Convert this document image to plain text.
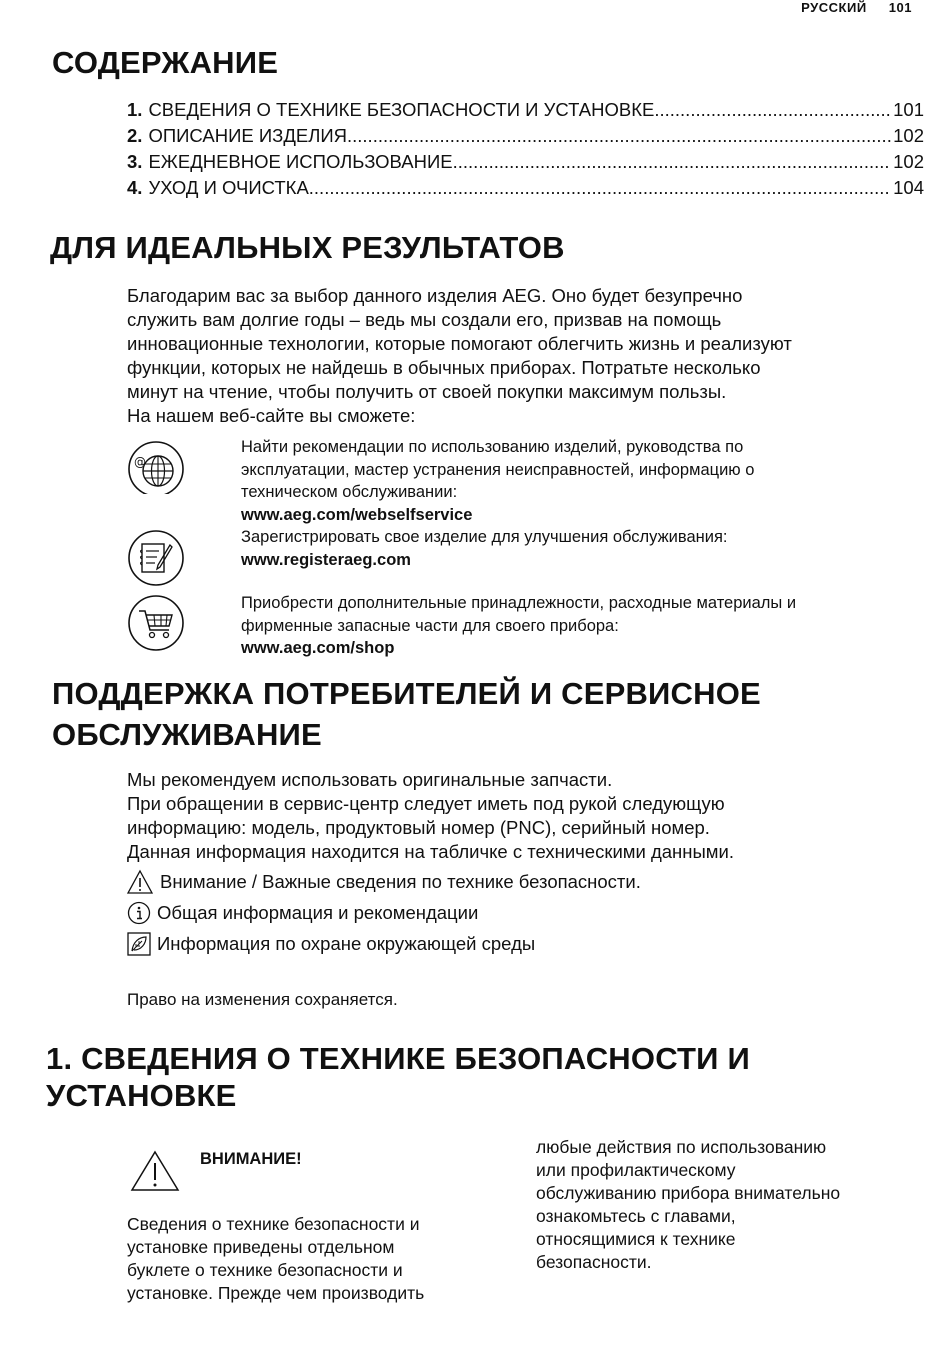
РУССКИЙ 101
СОДЕРЖАНИЕ
1. СВЕДЕНИЯ О ТЕХНИКЕ БЕЗОПАСНОСТИ И УСТАНОВКЕ .....	101
2. ОПИСАНИЕ ИЗДЕЛИЯ .....	102
3. ЕЖЕДНЕВНОЕ ИСПОЛЬЗОВАНИЕ .....	102
4. УХОД И ОЧИСТКА .....	104
ДЛЯ ИДЕАЛЬНЫХ РЕЗУЛЬТАТОВ
Благодарим вас за выбор данного изделия AEG. Оно будет безупречно
служить вам долгие годы – ведь мы создали его, призвав на помощь
инновационные технологии, которые помогают облегчить жизнь и реализуют
функции, которых не найдешь в обычных приборах. Потратьте несколько
минут на чтение, чтобы получить от своей покупки максимум пользы.
На нашем веб-сайте вы сможете:
@
Найти рекомендации по использованию изделий, руководства по
эксплуатации, мастер устранения неисправностей, информацию о
техническом обслуживании:
www.aeg.com/webselfservice
Зарегистрировать свое изделие для улучшения обслуживания:
www.registeraeg.com
Приобрести дополнительные принадлежности, расходные материалы и
фирменные запасные части для своего прибора:
www.aeg.com/shop
ПОДДЕРЖКА ПОТРЕБИТЕЛЕЙ И СЕРВИСНОЕ
ОБСЛУЖИВАНИЕ
Мы рекомендуем использовать оригинальные запчасти.
При обращении в сервис-центр следует иметь под рукой следующую
информацию: модель, продуктовый номер (PNC), серийный номер.
Данная информация находится на табличке с техническими данными.
Внимание / Важные сведения по технике безопасности.
Общая информация и рекомендации
Информация по охране окружающей среды
Право на изменения сохраняется.
1. СВЕДЕНИЯ О ТЕХНИКЕ БЕЗОПАСНОСТИ И
УСТАНОВКЕ
ВНИМАНИЕ!
Сведения о технике безопасности и
установке приведены отдельном
буклете о технике безопасности и
установке. Прежде чем производить
любые действия по использованию
или профилактическому
обслуживанию прибора внимательно
ознакомьтесь с главами,
относящимися к технике
безопасности.
